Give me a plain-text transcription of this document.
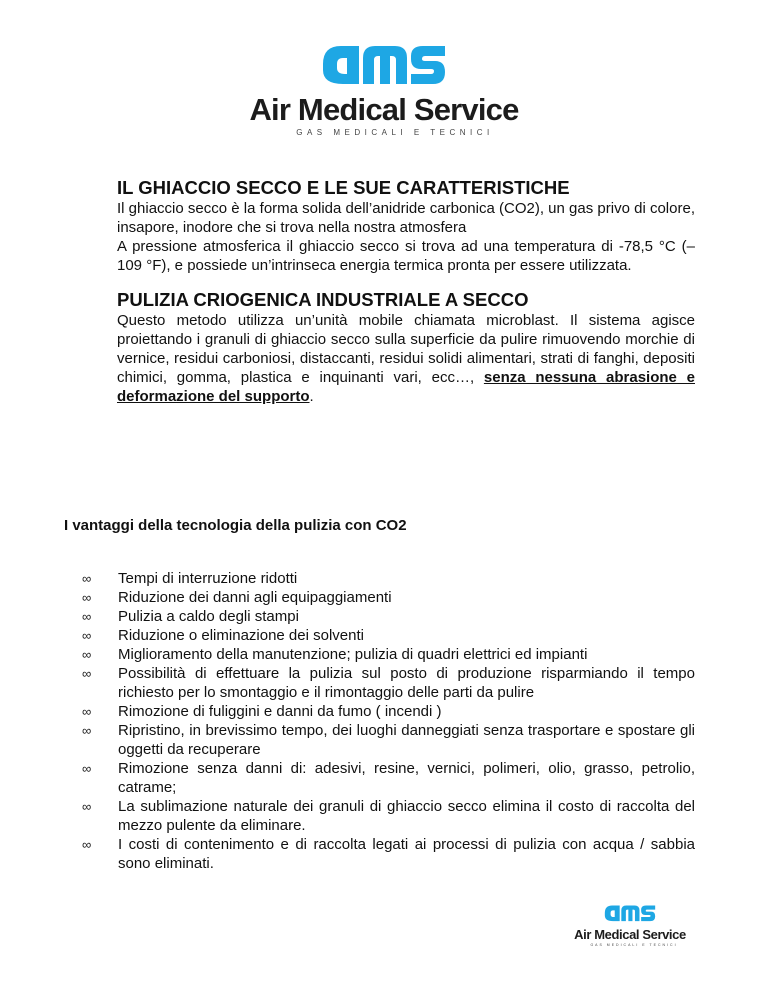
Air Medical Service
GAS MEDICALI E TECNICI
IL GHIACCIO SECCO E LE SUE CARATTERISTICHE

Il ghiaccio secco è la forma solida dell’anidride carbonica (CO2), un gas privo di colore, insapore, inodore che si trova nella nostra atmosfera
A pressione atmosferica il ghiaccio secco si trova ad una temperatura di -78,5 °C (–109 °F), e possiede un’intrinseca energia termica pronta per essere utilizzata.

PULIZIA CRIOGENICA INDUSTRIALE A SECCO

Questo metodo utilizza un’unità mobile chiamata microblast. Il sistema agisce proiettando i granuli di ghiaccio secco sulla superficie da pulire rimuovendo morchie di vernice, residui carboniosi, distaccanti, residui solidi alimentari, strati di fanghi, depositi chimici, gomma, plastica e inquinanti vari, ecc…, senza nessuna abrasione e deformazione del supporto.

I vantaggi della tecnologia della pulizia con CO2
∞	Tempi di interruzione ridotti
∞	Riduzione dei danni agli equipaggiamenti
∞	Pulizia a caldo degli stampi
∞	Riduzione o eliminazione dei solventi
∞	Miglioramento della manutenzione; pulizia di quadri elettrici ed impianti
∞	Possibilità di effettuare la pulizia sul posto di produzione risparmiando il tempo richiesto per lo smontaggio e il rimontaggio delle parti da pulire
∞	Rimozione di fuliggini e danni da fumo ( incendi )
∞	Ripristino, in brevissimo tempo, dei luoghi danneggiati senza trasportare e spostare gli oggetti da recuperare
∞	Rimozione senza danni di: adesivi, resine, vernici, polimeri, olio, grasso, petrolio, catrame;
∞	La sublimazione naturale dei granuli di ghiaccio secco elimina il costo di raccolta del mezzo pulente da eliminare.
∞	I costi di contenimento e di raccolta legati ai processi di pulizia con acqua / sabbia sono eliminati.
Air Medical Service
GAS MEDICALI E TECNICI
